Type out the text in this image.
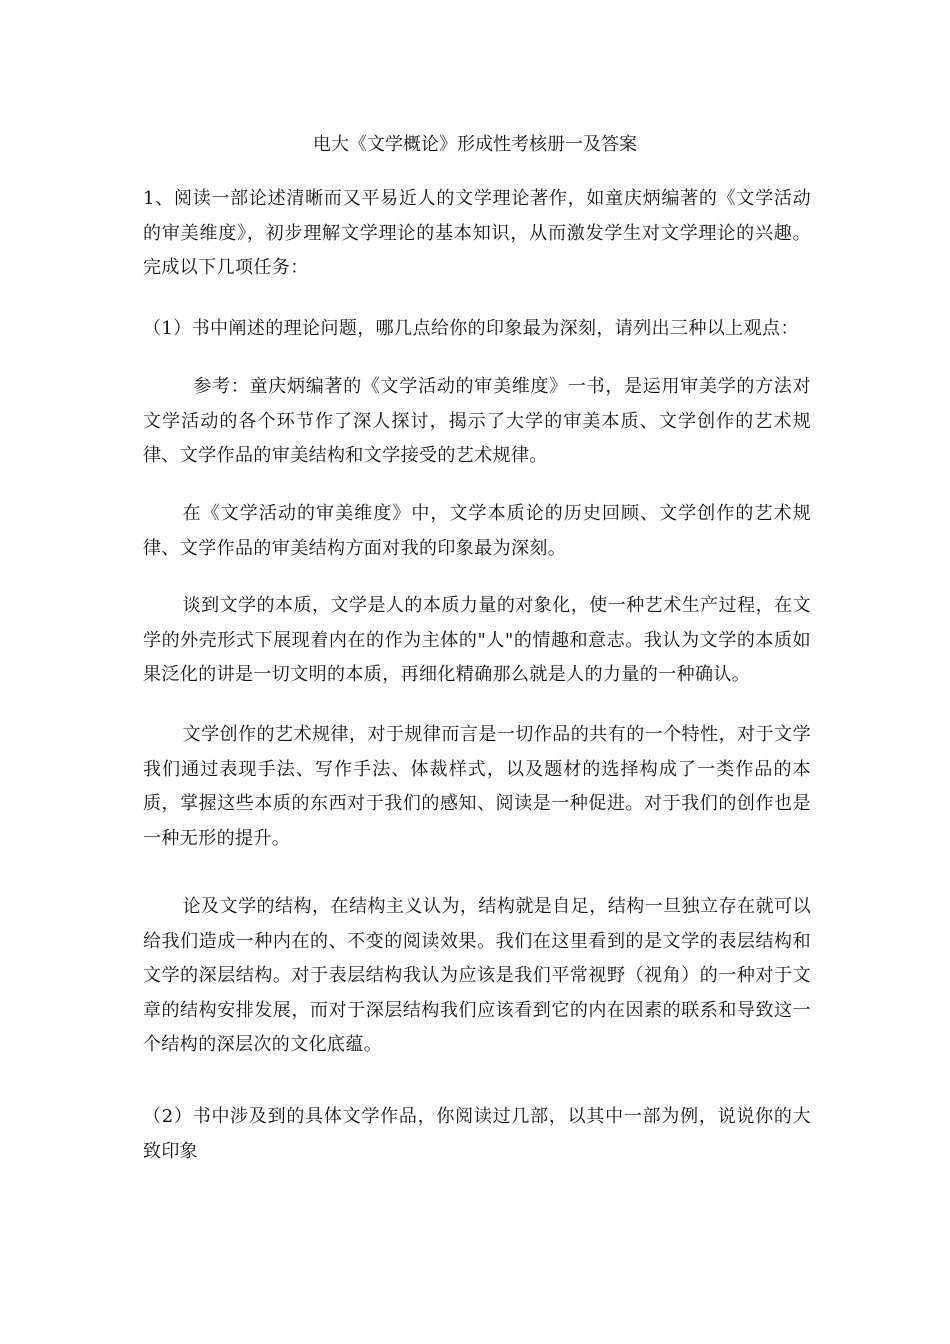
电大《文学概论》形成性考核册一及答案
1、阅读一部论述清晰而又平易近人的文学理论著作，如童庆炳编著的《文学活动的审美维度》，初步理解文学理论的基本知识，从而激发学生对文学理论的兴趣。完成以下几项任务：
（1）书中阐述的理论问题，哪几点给你的印象最为深刻，请列出三种以上观点：
参考：童庆炳编著的《文学活动的审美维度》一书，是运用审美学的方法对文学活动的各个环节作了深人探讨，揭示了大学的审美本质、文学创作的艺术规律、文学作品的审美结构和文学接受的艺术规律。
在《文学活动的审美维度》中，文学本质论的历史回顾、文学创作的艺术规律、文学作品的审美结构方面对我的印象最为深刻。
谈到文学的本质，文学是人的本质力量的对象化，使一种艺术生产过程，在文学的外壳形式下展现着内在的作为主体的"人"的情趣和意志。我认为文学的本质如果泛化的讲是一切文明的本质，再细化精确那么就是人的力量的一种确认。
文学创作的艺术规律，对于规律而言是一切作品的共有的一个特性，对于文学我们通过表现手法、写作手法、体裁样式，以及题材的选择构成了一类作品的本质，掌握这些本质的东西对于我们的感知、阅读是一种促进。对于我们的创作也是一种无形的提升。
论及文学的结构，在结构主义认为，结构就是自足，结构一旦独立存在就可以给我们造成一种内在的、不变的阅读效果。我们在这里看到的是文学的表层结构和文学的深层结构。对于表层结构我认为应该是我们平常视野（视角）的一种对于文章的结构安排发展，而对于深层结构我们应该看到它的内在因素的联系和导致这一个结构的深层次的文化底蕴。
（2）书中涉及到的具体文学作品，你阅读过几部，以其中一部为例，说说你的大致印象
